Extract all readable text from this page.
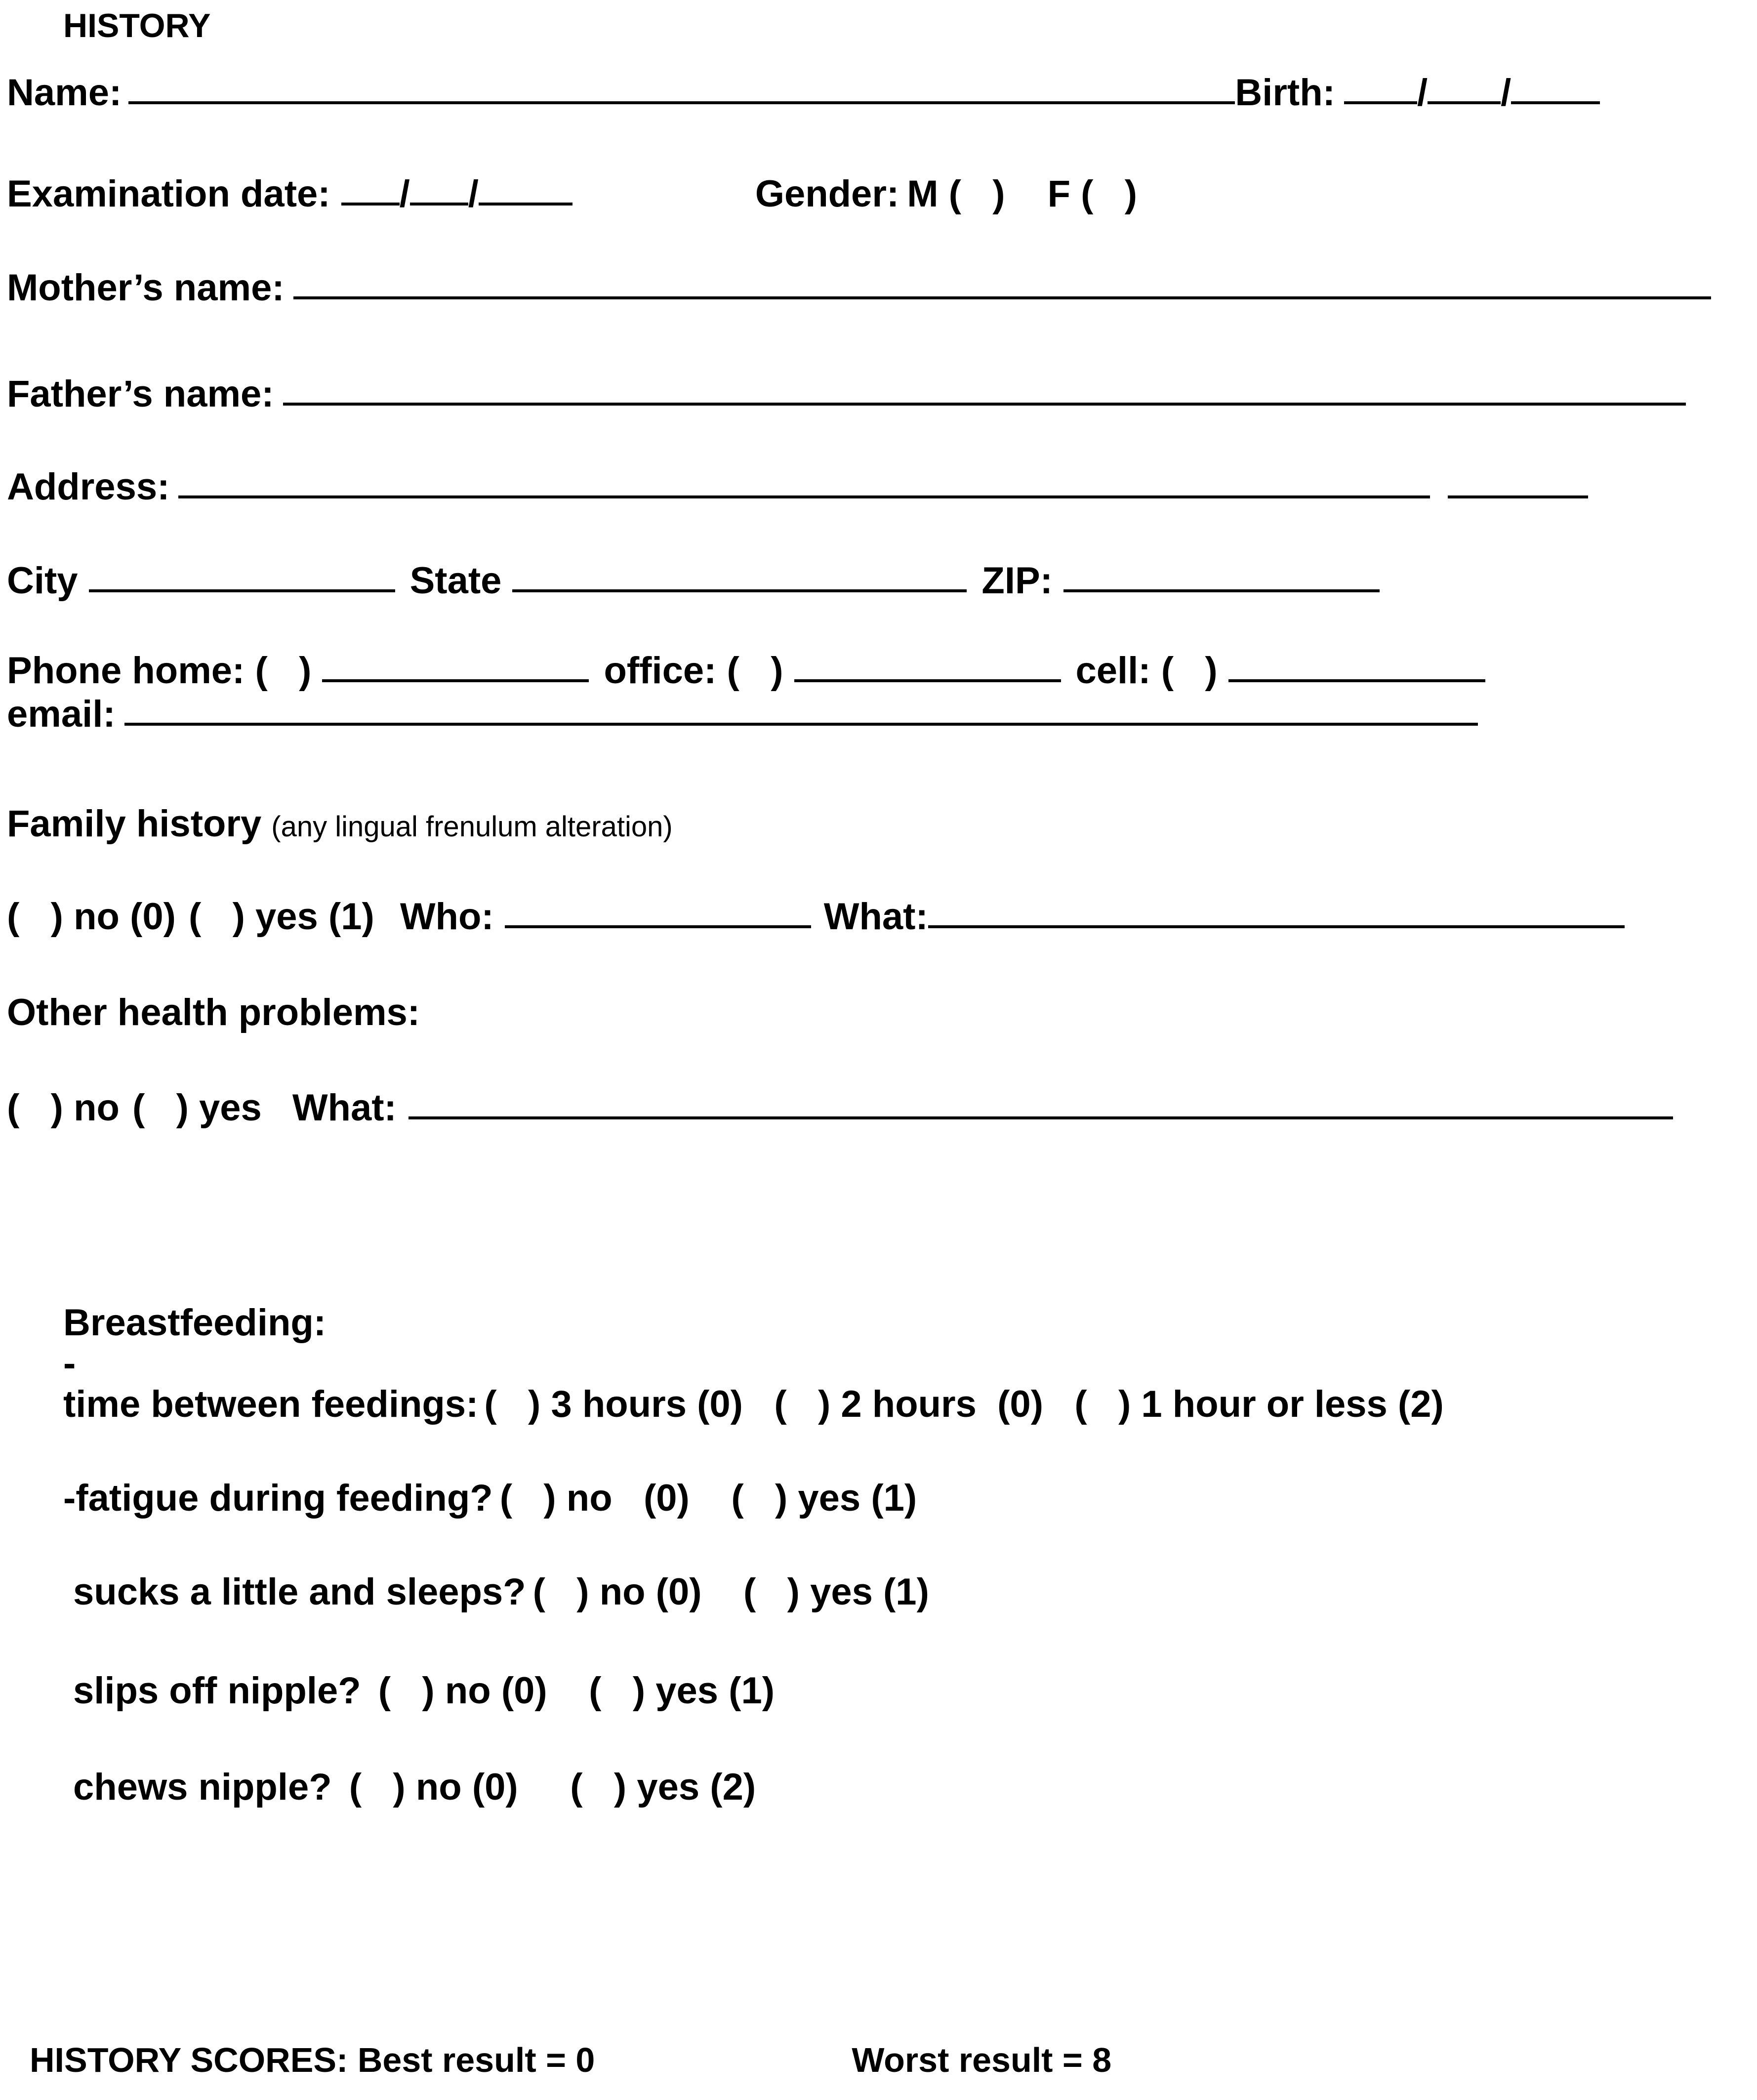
HISTORY
Name:	Birth: / /
Examination date: / /	Gender: M (   ) F (   )
Mother’s name:
Father’s name:
Address:
City	State	ZIP:
Phone home: (   )	office: (   )	cell: (   )
email:
Family history (any lingual frenulum alteration)
(   ) no (0) (   ) yes (1) Who:	What:
Other health problems:
(   ) no (   ) yes What:
Breastfeeding:
-
time between feedings: (   ) 3 hours (0)   (   ) 2 hours  (0)   (   ) 1 hour or less (2)
-fatigue during feeding? (   ) no   (0)    (   ) yes (1)
sucks a little and sleeps? (   ) no (0)    (   ) yes (1)
slips off nipple? (   ) no (0)    (   ) yes (1)
chews nipple? (   ) no (0)     (   ) yes (2)
HISTORY SCORES: Best result = 0	Worst result = 8
